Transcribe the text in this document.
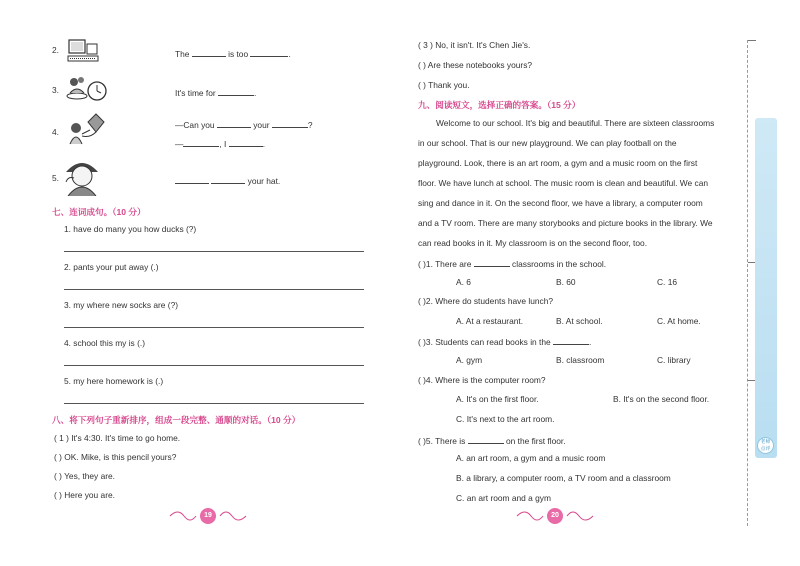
2.	The	is too	.
3.	It's time for	.
4.
—Can you	your	?
—	, I	.
5.	your hat.
七、连词成句。（10 分）
1. have do many you how ducks (?)
2. pants your put away (.)
3. my where new socks are (?)
4. school this my is (.)
5. my here homework is (.)
八、将下列句子重新排序，组成一段完整、通顺的对话。（10 分）
( 1 ) It's 4:30. It's time to go home.
( ) OK. Mike, is this pencil yours?
( ) Yes, they are.
( ) Here you are.
19
( 3 ) No, it isn't. It's Chen Jie's.
( ) Are these notebooks yours?
( ) Thank you.
九、阅读短文，选择正确的答案。（15 分）
Welcome to our school. It's big and beautiful. There are sixteen classrooms
in our school. That is our new playground. We can play football on the
playground. Look, there is an art room, a gym and a music room on the first
floor. We have lunch at school. The music room is clean and beautiful. We can
sing and dance in it. On the second floor, we have a library, a computer room
and a TV room. There are many storybooks and picture books in the library. We
can read books in it. My classroom is on the second floor, too.
( )1. There are	classrooms in the school.
A. 6	B. 60	C. 16
( )2. Where do students have lunch?
A. At a restaurant.	B. At school.	C. At home.
( )3. Students can read books in the	.
A. gym	B. classroom	C. library
( )4. Where is the computer room?
A. It's on the first floor.	B. It's on the second floor.
C. It's next to the art room.
( )5. There is	on the first floor.
A. an art room, a gym and a music room
B. a library, a computer room, a TV room and a classroom
C. an art room and a gym
20
老师
点评
